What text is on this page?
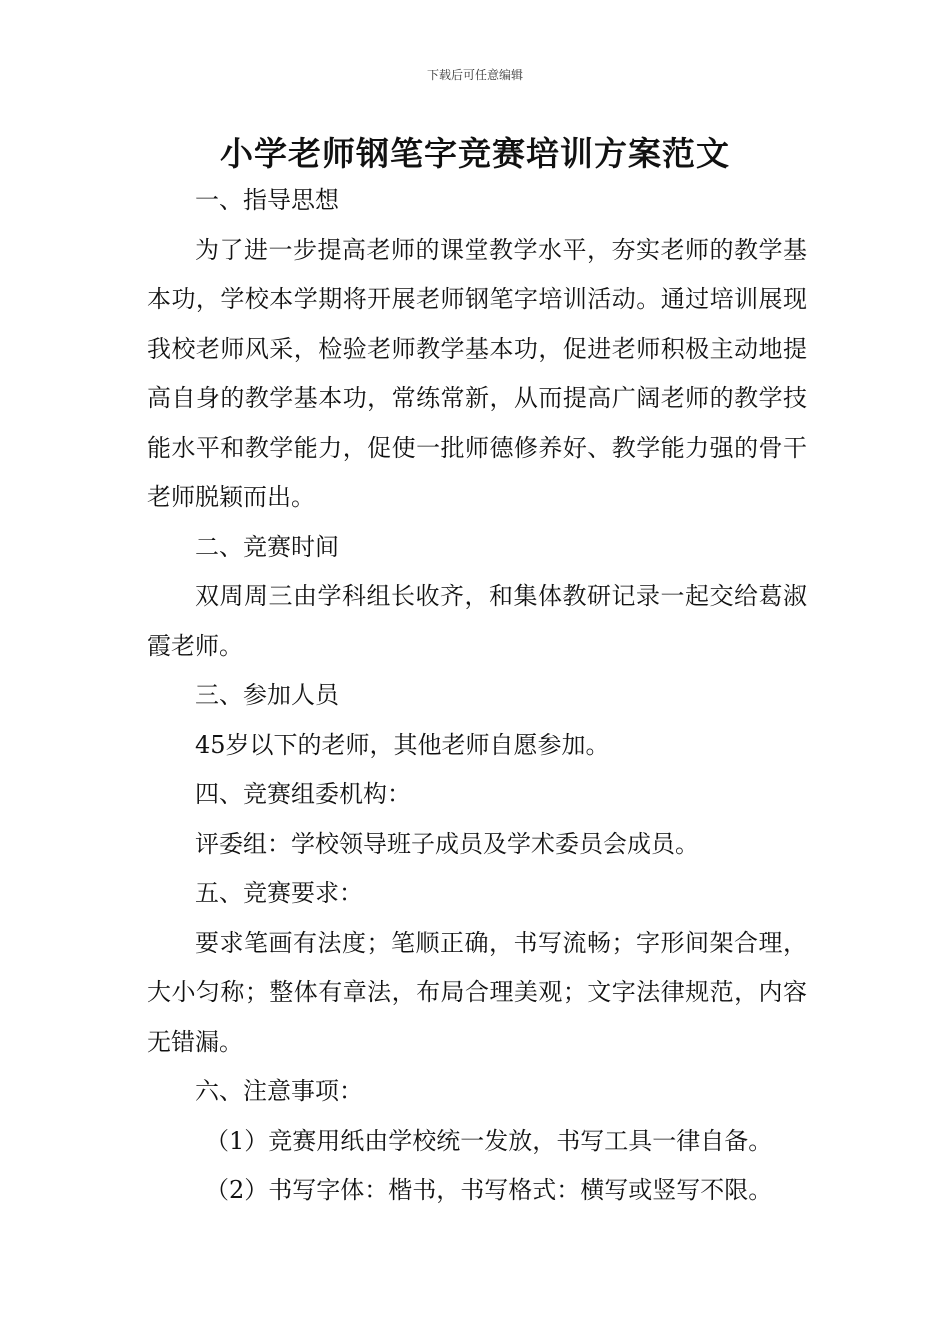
下载后可任意编辑
小学老师钢笔字竞赛培训方案范文

一、指导思想

为了进一步提高老师的课堂教学水平，夯实老师的教学基本功，学校本学期将开展老师钢笔字培训活动。通过培训展现我校老师风采，检验老师教学基本功，促进老师积极主动地提高自身的教学基本功，常练常新，从而提高广阔老师的教学技能水平和教学能力，促使一批师德修养好、教学能力强的骨干老师脱颖而出。

二、竞赛时间

双周周三由学科组长收齐，和集体教研记录一起交给葛淑霞老师。

三、参加人员

45岁以下的老师，其他老师自愿参加。

四、竞赛组委机构：

评委组：学校领导班子成员及学术委员会成员。

五、竞赛要求：

要求笔画有法度；笔顺正确，书写流畅；字形间架合理，大小匀称；整体有章法，布局合理美观；文字法律规范，内容无错漏。

六、注意事项：

（1）竞赛用纸由学校统一发放，书写工具一律自备。

（2）书写字体：楷书，书写格式：横写或竖写不限。
